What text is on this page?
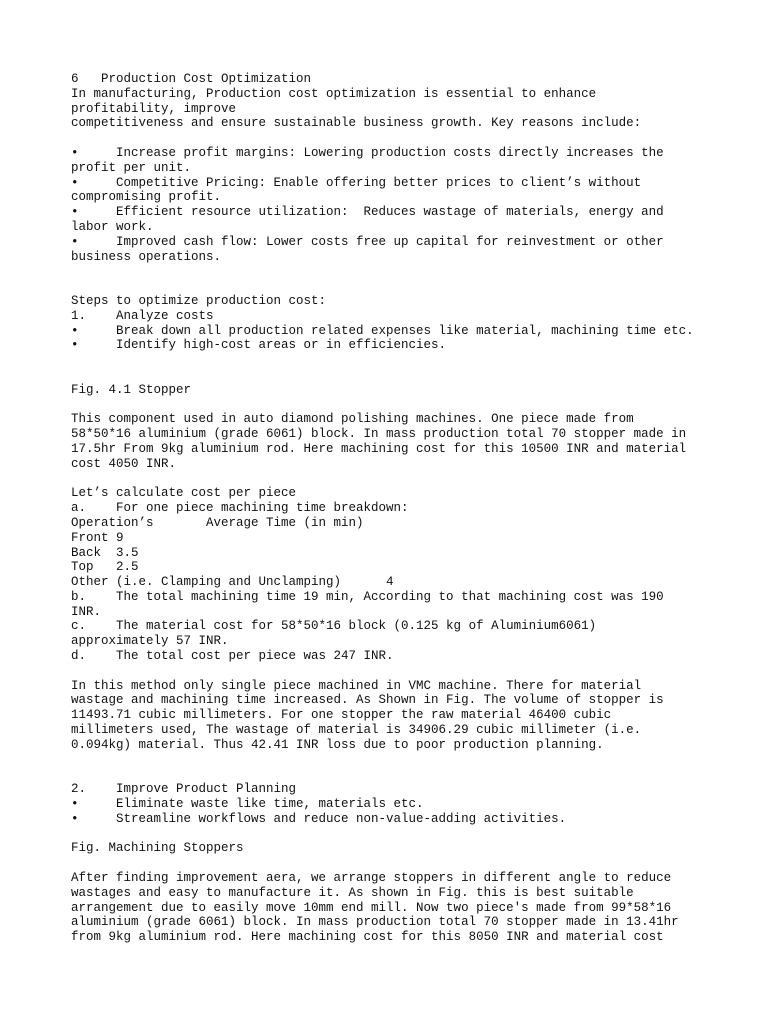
6   Production Cost Optimization
In manufacturing, Production cost optimization is essential to enhance
profitability, improve
competitiveness and ensure sustainable business growth. Key reasons include:
•     Increase profit margins: Lowering production costs directly increases the
profit per unit.
•     Competitive Pricing: Enable offering better prices to client’s without
compromising profit.
•     Efficient resource utilization:  Reduces wastage of materials, energy and
labor work.
•     Improved cash flow: Lower costs free up capital for reinvestment or other
business operations.
Steps to optimize production cost:
1.    Analyze costs
•     Break down all production related expenses like material, machining time etc.
•     Identify high-cost areas or in efficiencies.
Fig. 4.1 Stopper
This component used in auto diamond polishing machines. One piece made from
58*50*16 aluminium (grade 6061) block. In mass production total 70 stopper made in
17.5hr From 9kg aluminium rod. Here machining cost for this 10500 INR and material
cost 4050 INR.
Let’s calculate cost per piece
a.    For one piece machining time breakdown:
Operation’s       Average Time (in min)
Front 9
Back  3.5
Top   2.5
Other (i.e. Clamping and Unclamping)      4
b.    The total machining time 19 min, According to that machining cost was 190
INR.
c.    The material cost for 58*50*16 block (0.125 kg of Aluminium6061)
approximately 57 INR.
d.    The total cost per piece was 247 INR.
In this method only single piece machined in VMC machine. There for material
wastage and machining time increased. As Shown in Fig. The volume of stopper is
11493.71 cubic millimeters. For one stopper the raw material 46400 cubic
millimeters used, The wastage of material is 34906.29 cubic millimeter (i.e.
0.094kg) material. Thus 42.41 INR loss due to poor production planning.
2.    Improve Product Planning
•     Eliminate waste like time, materials etc.
•     Streamline workflows and reduce non-value-adding activities.
Fig. Machining Stoppers
After finding improvement aera, we arrange stoppers in different angle to reduce
wastages and easy to manufacture it. As shown in Fig. this is best suitable
arrangement due to easily move 10mm end mill. Now two piece's made from 99*58*16
aluminium (grade 6061) block. In mass production total 70 stopper made in 13.41hr
from 9kg aluminium rod. Here machining cost for this 8050 INR and material cost
